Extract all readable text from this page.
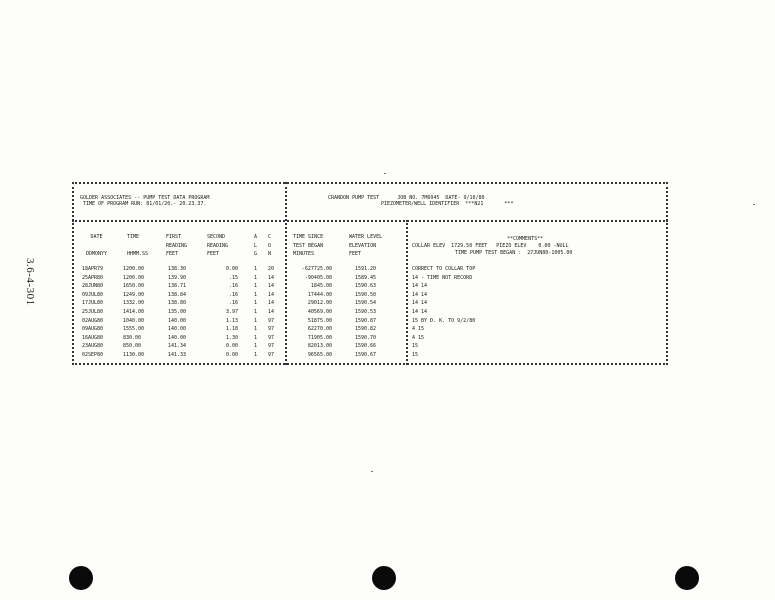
3.6-4-301
GOLDER ASSOCIATES -- PUMP TEST DATA PROGRAM
TIME OF PROGRAM RUN: 81/01/20.- 20.23.37.
CRANDON PUMP TEST      JOB NO. 7M6045  DATE- 9/10/80
PIEZOMETER/WELL IDENTIFIER  ***N21       ***
DATE
DDMONYY
TIME
HHMM.SS
FIRST
READING
FEET
SECOND
READING
FEET
A
L
G
C
O
N
TIME SINCE
TEST BEGAN
MINUTES
WATER LEVEL
ELEVATION
FEET
**COMMENTS**
COLLAR ELEV  1729.50 FEET   PIEZO ELEV    0.00 -NULL
TIME PUMP TEST BEGAN :  27JUN80-1005.00
18APR79
25APR80
28JUN80
09JUL80
17JUL80
25JUL80
02AUG80
09AUG80
16AUG80
23AUG80
02SEP80
1200.00
1200.00
1650.00
1249.00
1332.00
1414.00
1040.00
1555.00
830.00
850.00
1130.00
138.30
139.90
138.71
138.84
138.80
135.00
140.00
140.00
140.00
141.34
141.33
0.00
.15
.16
.16
.16
3.97
1.13
1.18
1.30
0.00
0.00
1
1
1
1
1
1
1
1
1
1
1
20
14
14
14
14
14
97
97
97
97
97
-627725.00
-90405.00
1845.00
17444.00
29012.00
40569.00
51875.00
62270.00
71905.00
82013.00
96565.00
1591.20
1589.45
1590.63
1590.50
1590.54
1590.53
1590.87
1590.82
1590.70
1590.66
1590.67
CORRECT TO COLLAR TOP
14 - TIME NOT RECORD
14 14
14 14
14 14
14 14
15 BY D. K. TO 9/2/80
4 15
4 15
15
15
